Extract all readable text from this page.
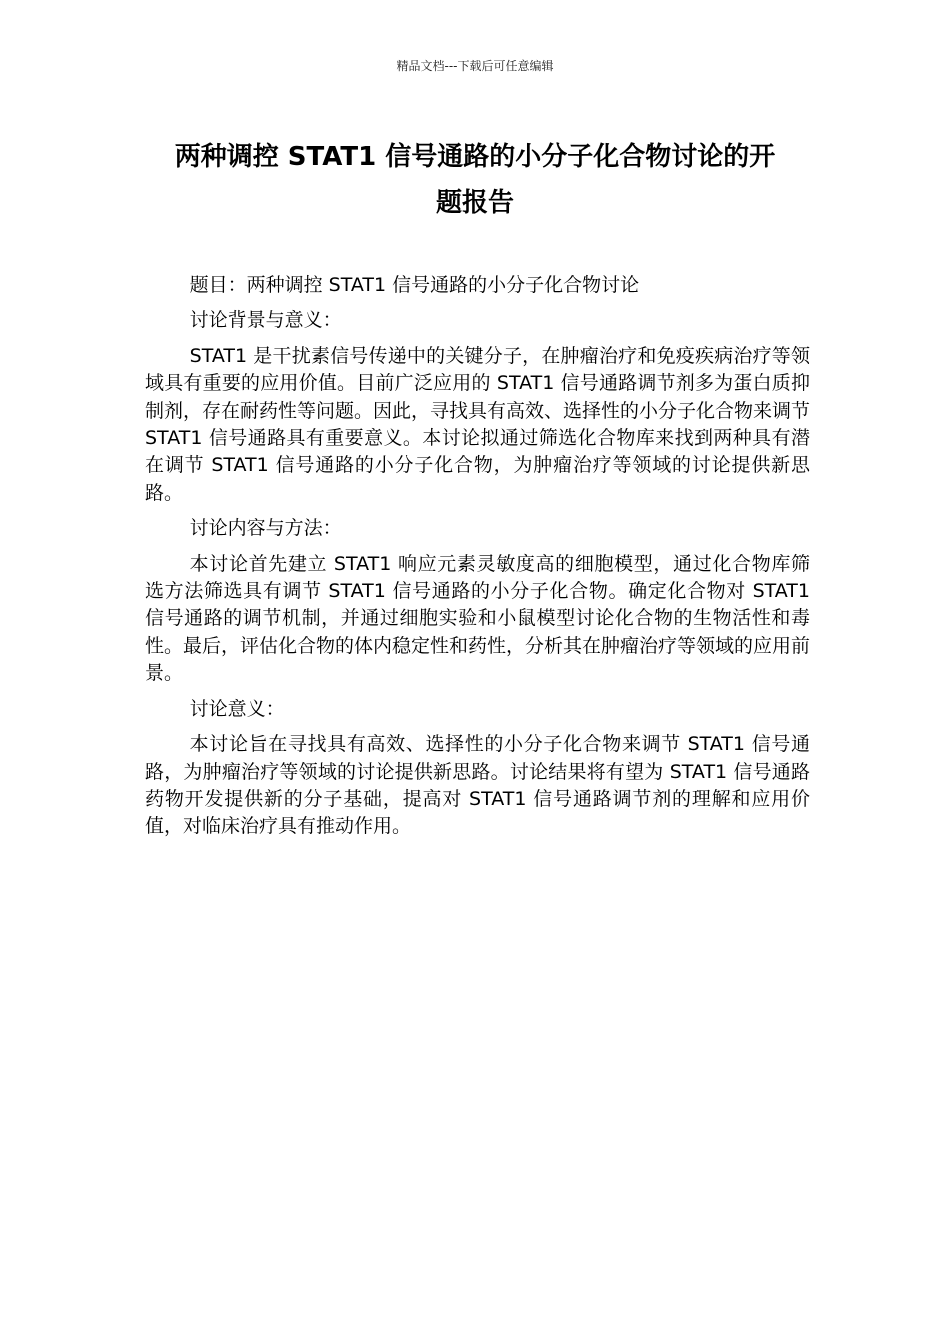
精品文档---下载后可任意编辑
两种调控 STAT1 信号通路的小分子化合物讨论的开
题报告

题目：两种调控 STAT1 信号通路的小分子化合物讨论

讨论背景与意义：

STAT1 是干扰素信号传递中的关键分子，在肿瘤治疗和免疫疾病治疗等领域具有重要的应用价值。目前广泛应用的 STAT1 信号通路调节剂多为蛋白质抑制剂，存在耐药性等问题。因此，寻找具有高效、选择性的小分子化合物来调节 STAT1 信号通路具有重要意义。本讨论拟通过筛选化合物库来找到两种具有潜在调节 STAT1 信号通路的小分子化合物，为肿瘤治疗等领域的讨论提供新思路。

讨论内容与方法：

本讨论首先建立 STAT1 响应元素灵敏度高的细胞模型，通过化合物库筛选方法筛选具有调节 STAT1 信号通路的小分子化合物。确定化合物对 STAT1 信号通路的调节机制，并通过细胞实验和小鼠模型讨论化合物的生物活性和毒性。最后，评估化合物的体内稳定性和药性，分析其在肿瘤治疗等领域的应用前景。

讨论意义：

本讨论旨在寻找具有高效、选择性的小分子化合物来调节 STAT1 信号通路，为肿瘤治疗等领域的讨论提供新思路。讨论结果将有望为 STAT1 信号通路药物开发提供新的分子基础，提高对 STAT1 信号通路调节剂的理解和应用价值，对临床治疗具有推动作用。
